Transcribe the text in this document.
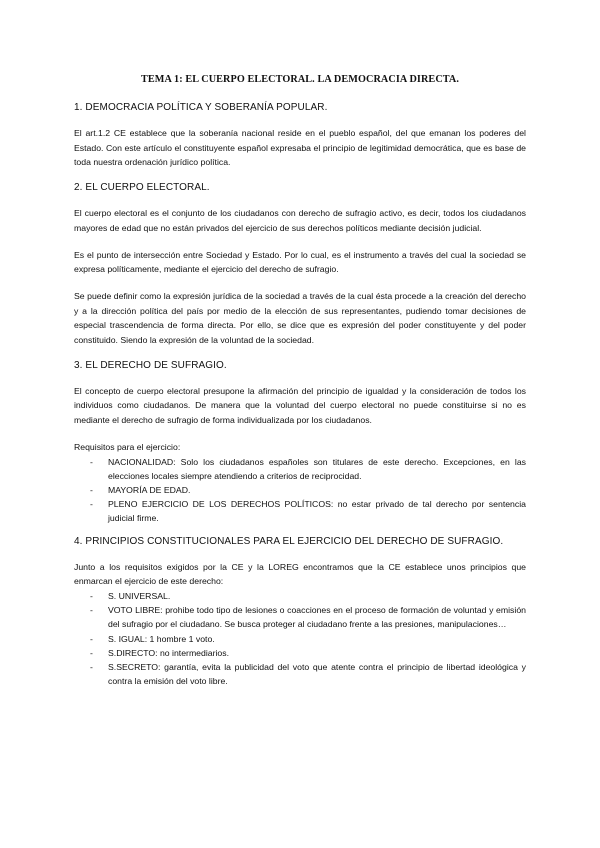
TEMA 1: EL CUERPO ELECTORAL. LA DEMOCRACIA DIRECTA.
1. DEMOCRACIA POLÍTICA Y SOBERANÍA POPULAR.
El art.1.2 CE establece que la soberanía nacional reside en el pueblo español, del que emanan los poderes del Estado. Con este artículo el constituyente español expresaba el principio de legitimidad democrática, que es base de toda nuestra ordenación jurídico política.
2. EL CUERPO ELECTORAL.
El cuerpo electoral es el conjunto de los ciudadanos con derecho de sufragio activo, es decir, todos los ciudadanos mayores de edad que no están privados del ejercicio de sus derechos políticos mediante decisión judicial.
Es el punto de intersección entre Sociedad y Estado. Por lo cual, es el instrumento a través del cual la sociedad se expresa políticamente, mediante el ejercicio del derecho de sufragio.
Se puede definir como la expresión jurídica de la sociedad a través de la cual ésta procede a la creación del derecho y a la dirección política del país por medio de la elección de sus representantes, pudiendo tomar decisiones de especial trascendencia de forma directa. Por ello, se dice que es expresión del poder constituyente y del poder constituido. Siendo la expresión de la voluntad de la sociedad.
3. EL DERECHO DE SUFRAGIO.
El concepto de cuerpo electoral presupone la afirmación del principio de igualdad y la consideración de todos los individuos como ciudadanos. De manera que la voluntad del cuerpo electoral no puede constituirse si no es mediante el derecho de sufragio de forma individualizada por los ciudadanos.
Requisitos para el ejercicio:
- NACIONALIDAD: Solo los ciudadanos españoles son titulares de este derecho. Excepciones, en las elecciones locales siempre atendiendo a criterios de reciprocidad.
- MAYORÍA DE EDAD.
- PLENO EJERCICIO DE LOS DERECHOS POLÍTICOS: no estar privado de tal derecho por sentencia judicial firme.
4. PRINCIPIOS CONSTITUCIONALES PARA EL EJERCICIO DEL DERECHO DE SUFRAGIO.
Junto a los requisitos exigidos por la CE y la LOREG encontramos que la CE establece unos principios que enmarcan el ejercicio de este derecho:
- S. UNIVERSAL.
- VOTO LIBRE: prohibe todo tipo de lesiones o coacciones en el proceso de formación de voluntad y emisión del sufragio por el ciudadano. Se busca proteger al ciudadano frente a las presiones, manipulaciones…
- S. IGUAL: 1 hombre 1 voto.
- S.DIRECTO: no intermediarios.
- S.SECRETO: garantía, evita la publicidad del voto que atente contra el principio de libertad ideológica y contra la emisión del voto libre.
